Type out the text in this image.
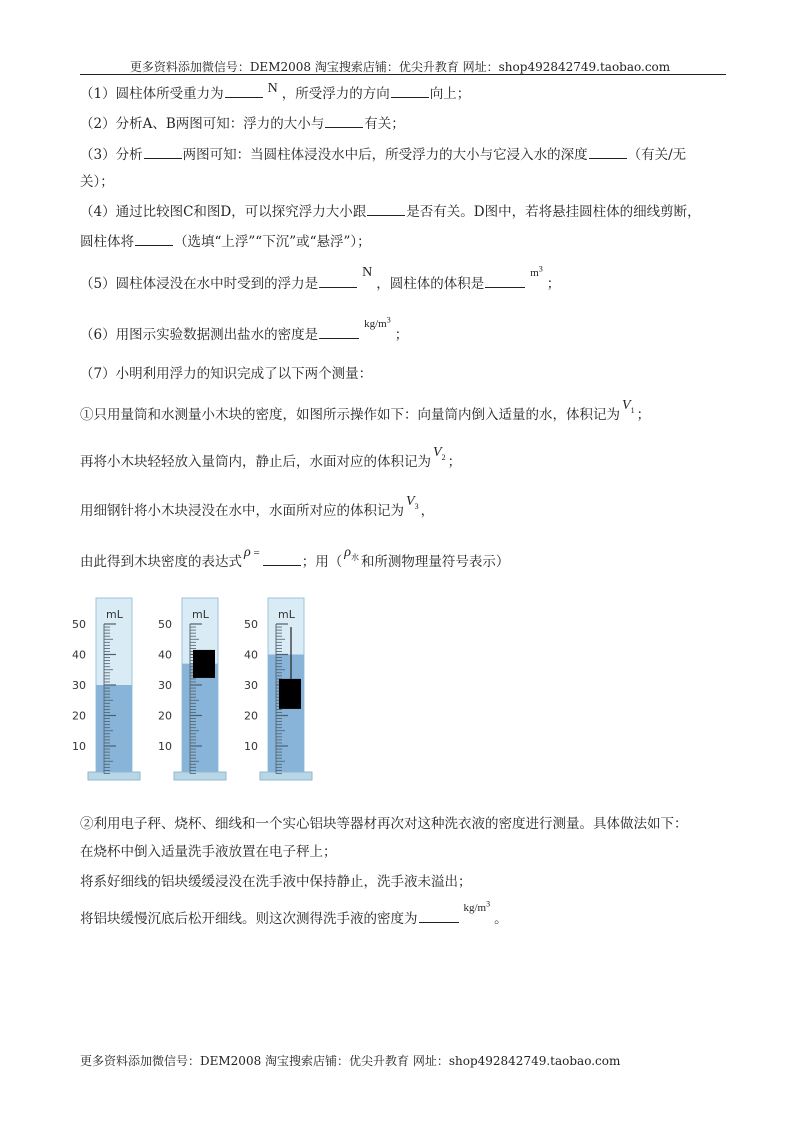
更多资料添加微信号：DEM2008 淘宝搜索店铺：优尖升教育 网址：shop492842749.taobao.com
（1）圆柱体所受重力为	N ，所受浮力的方向	向上；
（2）分析A、B两图可知：浮力的大小与	有关；
（3）分析	两图可知：当圆柱体浸没水中后，所受浮力的大小与它浸入水的深度	（有关/无
关）；
（4）通过比较图C和图D，可以探究浮力大小跟	是否有关。D图中，若将悬挂圆柱体的细线剪断，
圆柱体将	（选填“上浮”“下沉”或“悬浮”）；
（5）圆柱体浸没在水中时受到的浮力是N，圆柱体的体积是$^{m^3}$；
（6）用图示实验数据测出盐水的密度是$^{kg/m^3}$；
（7）小明利用浮力的知识完成了以下两个测量：
①只用量筒和水测量小木块的密度，如图所示操作如下：向量筒内倒入适量的水，体积记为$V_1$ ；
再将小木块轻轻放入量筒内，静止后，水面对应的体积记为$V_2$ ；
用细钢针将小木块浸没在水中，水面所对应的体积记为$V_3$ ，
由此得到木块密度的表达式ρ =；用（$\rho_水$ 和所测物理量符号表示）
mL
50
40
30
20
10
mL
50
40
30
20
10
mL
50
40
30
20
10
②利用电子秤、烧杯、细线和一个实心铝块等器材再次对这种洗衣液的密度进行测量。具体做法如下：
在烧杯中倒入适量洗手液放置在电子秤上；
将系好细线的铝块缓缓浸没在洗手液中保持静止，洗手液未溢出；
将铝块缓慢沉底后松开细线。则这次测得洗手液的密度为$^{kg/m^3}$。
更多资料添加微信号：DEM2008 淘宝搜索店铺：优尖升教育 网址：shop492842749.taobao.com
